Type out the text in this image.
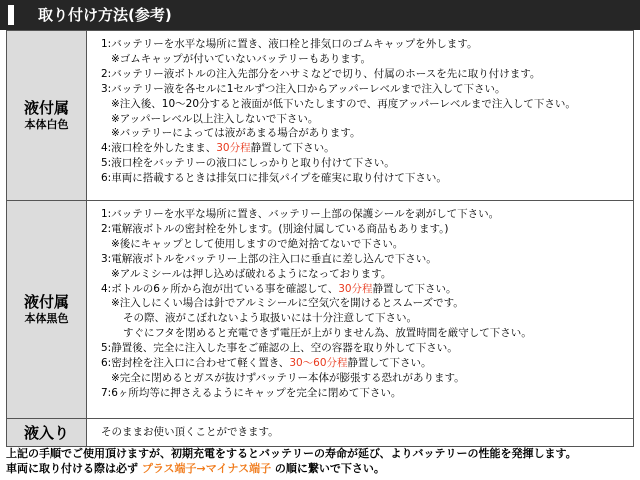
取り付け方法(参考)
液付属
本体白色
1:バッテリーを水平な場所に置き、液口栓と排気口のゴムキャップを外します。
※ゴムキャップが付いていないバッテリーもあります。
2:バッテリー液ボトルの注入先部分をハサミなどで切り、付属のホースを先に取り付けます。
3:バッテリー液を各セルに1セルずつ注入口からアッパーレベルまで注入して下さい。
※注入後、10～20分すると液面が低下いたしますので、再度アッパーレベルまで注入して下さい。
※アッパーレベル以上注入しないで下さい。
※バッテリーによっては液があまる場合があります。
4:液口栓を外したまま、30分程静置して下さい。
5:液口栓をバッテリーの液口にしっかりと取り付けて下さい。
6:車両に搭載するときは排気口に排気パイプを確実に取り付けて下さい。
液付属
本体黒色
1:バッテリーを水平な場所に置き、バッテリー上部の保護シールを剥がして下さい。
2:電解液ボトルの密封栓を外します。(別途付属している商品もあります。)
※後にキャップとして使用しますので絶対捨てないで下さい。
3:電解液ボトルをバッテリー上部の注入口に垂直に差し込んで下さい。
※アルミシールは押し込めば破れるようになっております。
4:ボトルの6ヶ所から泡が出ている事を確認して、30分程静置して下さい。
※注入しにくい場合は針でアルミシールに空気穴を開けるとスムーズです。
その際、液がこぼれないよう取扱いには十分注意して下さい。
すぐにフタを閉めると充電できず電圧が上がりません為、放置時間を厳守して下さい。
5:静置後、完全に注入した事をご確認の上、空の容器を取り外して下さい。
6:密封栓を注入口に合わせて軽く置き、30～60分程静置して下さい。
※完全に閉めるとガスが抜けずバッテリー本体が膨張する恐れがあります。
7:6ヶ所均等に押さえるようにキャップを完全に閉めて下さい。
液入り	そのままお使い頂くことができます。
上記の手順でご使用頂けますが、初期充電をするとバッテリーの寿命が延び、よりバッテリーの性能を発揮します。
車両に取り付ける際は必ず プラス端子→マイナス端子 の順に繋いで下さい。
